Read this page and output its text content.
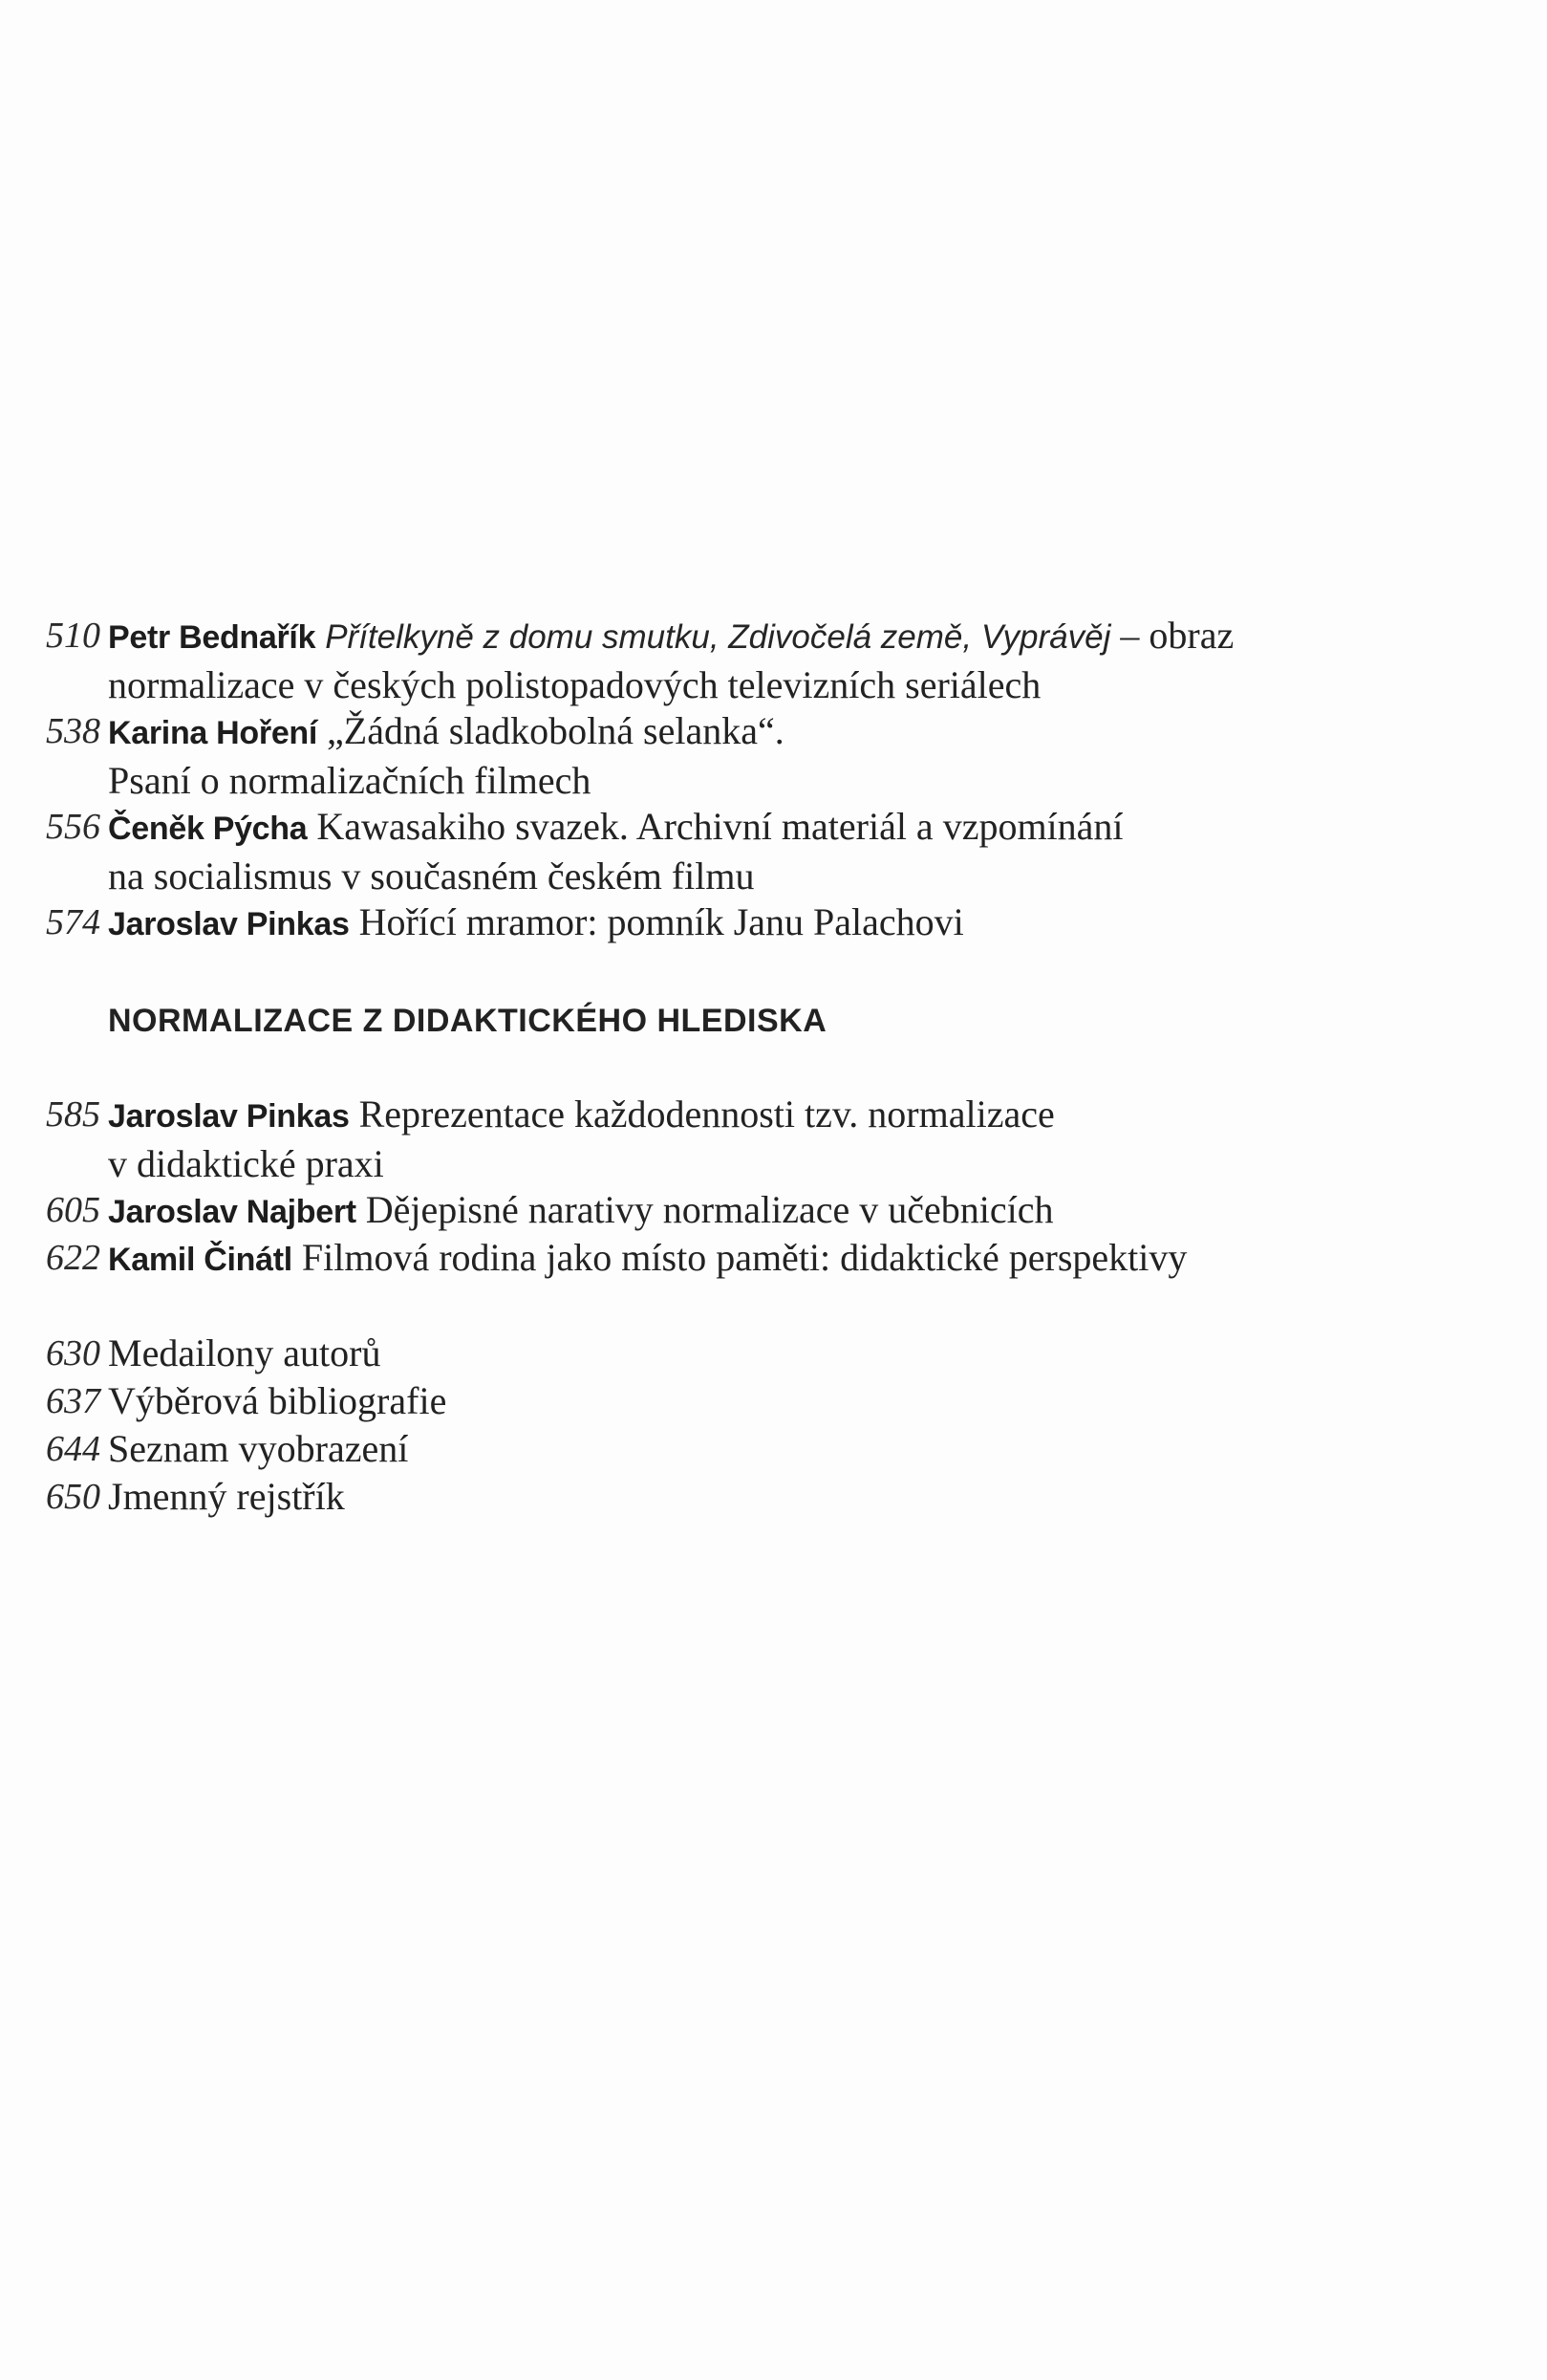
510 Petr Bednařík Přítelkyně z domu smutku, Zdivočelá země, Vyprávěj – obraz
normalizace v českých polistopadových televizních seriálech
538 Karina Hoření „Žádná sladkobolná selanka“.
Psaní o normalizačních filmech
556 Čeněk Pýcha Kawasakiho svazek. Archivní materiál a vzpomínání
na socialismus v současném českém filmu
574 Jaroslav Pinkas Hořící mramor: pomník Janu Palachovi
NORMALIZACE Z DIDAKTICKÉHO HLEDISKA
585 Jaroslav Pinkas Reprezentace každodennosti tzv. normalizace
v didaktické praxi
605 Jaroslav Najbert Dějepisné narativy normalizace v učebnicích
622 Kamil Činátl Filmová rodina jako místo paměti: didaktické perspektivy
630 Medailony autorů
637 Výběrová bibliografie
644 Seznam vyobrazení
650 Jmenný rejstřík
